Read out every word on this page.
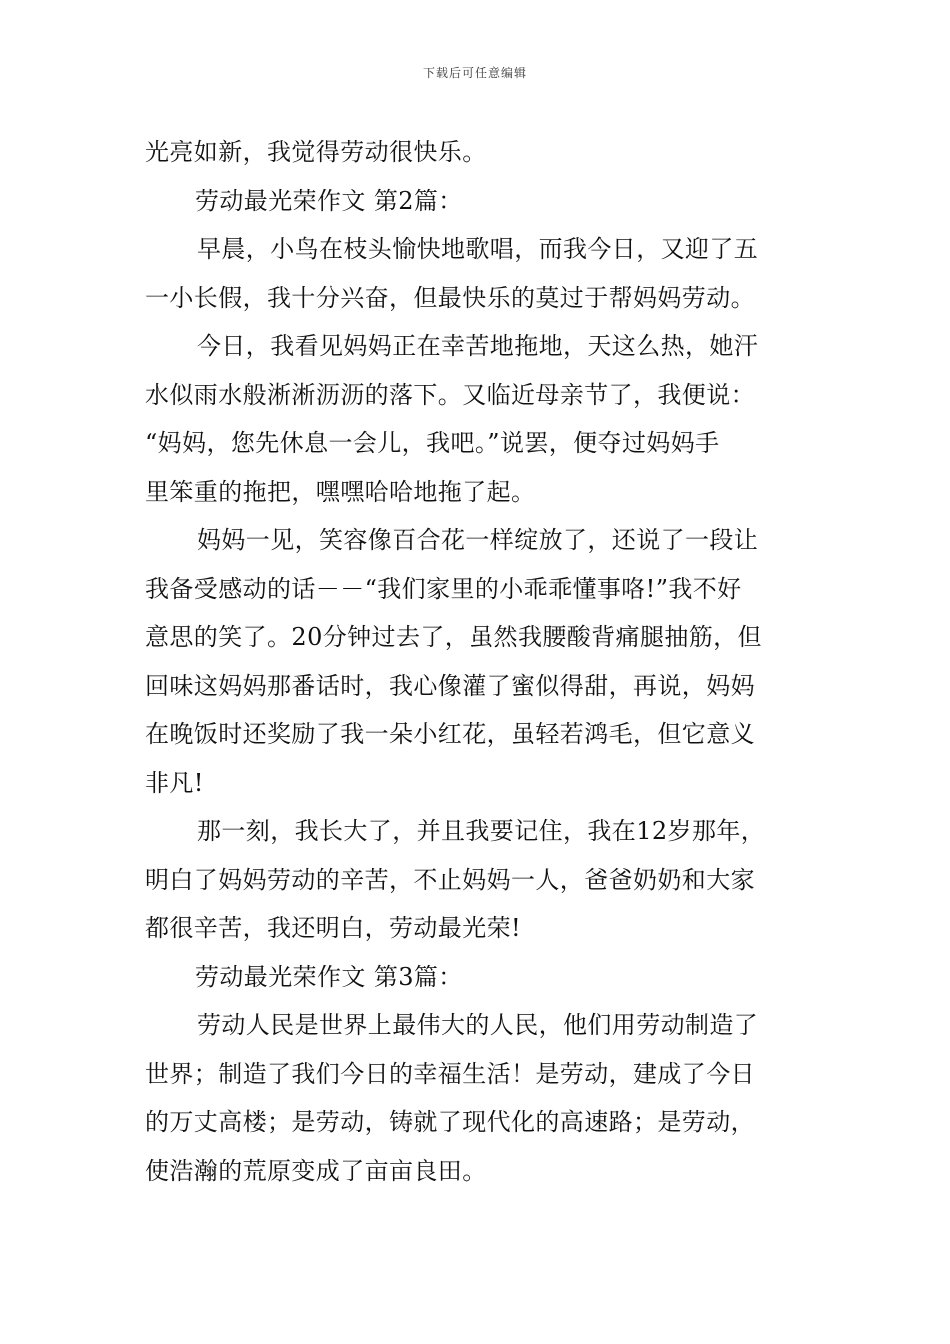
下载后可任意编辑
光亮如新，我觉得劳动很快乐。
劳动最光荣作文 第2篇：
早晨，小鸟在枝头愉快地歌唱，而我今日，又迎了五
一小长假，我十分兴奋，但最快乐的莫过于帮妈妈劳动。
今日，我看见妈妈正在幸苦地拖地，天这么热，她汗
水似雨水般淅淅沥沥的落下。又临近母亲节了，我便说：
“妈妈，您先休息一会儿，我吧。”说罢，便夺过妈妈手
里笨重的拖把，嘿嘿哈哈地拖了起。
妈妈一见，笑容像百合花一样绽放了，还说了一段让
我备受感动的话－－“我们家里的小乖乖懂事咯!”我不好
意思的笑了。20分钟过去了，虽然我腰酸背痛腿抽筋，但
回味这妈妈那番话时，我心像灌了蜜似得甜，再说，妈妈
在晚饭时还奖励了我一朵小红花，虽轻若鸿毛，但它意义
非凡!
那一刻，我长大了，并且我要记住，我在12岁那年，
明白了妈妈劳动的辛苦，不止妈妈一人，爸爸奶奶和大家
都很辛苦，我还明白，劳动最光荣!
劳动最光荣作文 第3篇：
劳动人民是世界上最伟大的人民，他们用劳动制造了
世界；制造了我们今日的幸福生活！是劳动，建成了今日
的万丈高楼；是劳动，铸就了现代化的高速路；是劳动，
使浩瀚的荒原变成了亩亩良田。
